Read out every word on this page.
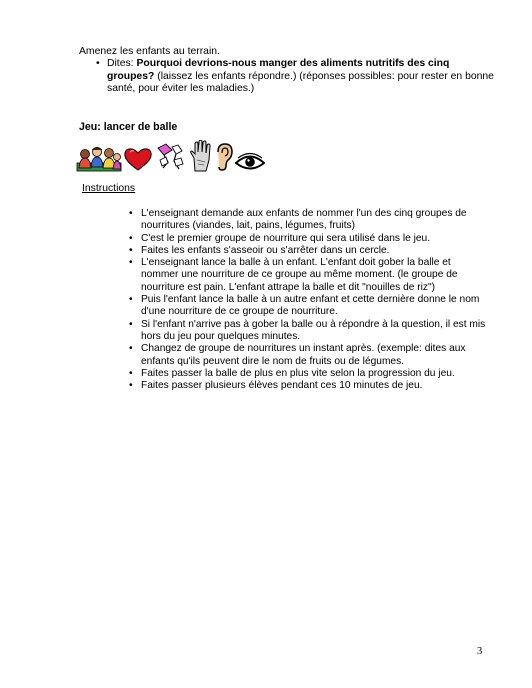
Amenez les enfants au terrain.
• Dites: Pourquoi devrions-nous manger des aliments nutritifs des cinq groupes? (laissez les enfants répondre.) (réponses possibles: pour rester en bonne santé, pour éviter les maladies.)
Jeu: lancer de balle
Instructions
• L'enseignant demande aux enfants de nommer l'un des cinq groupes de nourritures (viandes, lait, pains, légumes, fruits)
• C'est le premier groupe de nourriture qui sera utilisé dans le jeu.
• Faites les enfants s'asseoir ou s'arrêter dans un cercle.
• L'enseignant lance la balle à un enfant. L'enfant doit gober la balle et nommer une nourriture de ce groupe au même moment. (le groupe de nourriture est pain. L'enfant attrape la balle et dit "nouilles de riz")
• Puis l'enfant lance la balle à un autre enfant et cette dernière donne le nom d'une nourriture de ce groupe de nourriture.
• Si l'enfant n'arrive pas à gober la balle ou à répondre à la question, il est mis hors du jeu pour quelques minutes.
• Changez de groupe de nourritures un instant après. (exemple: dites aux enfants qu'ils peuvent dire le nom de fruits ou de légumes.
• Faites passer la balle de plus en plus vite selon la progression du jeu.
• Faites passer plusieurs élèves pendant ces 10 minutes de jeu.
3
